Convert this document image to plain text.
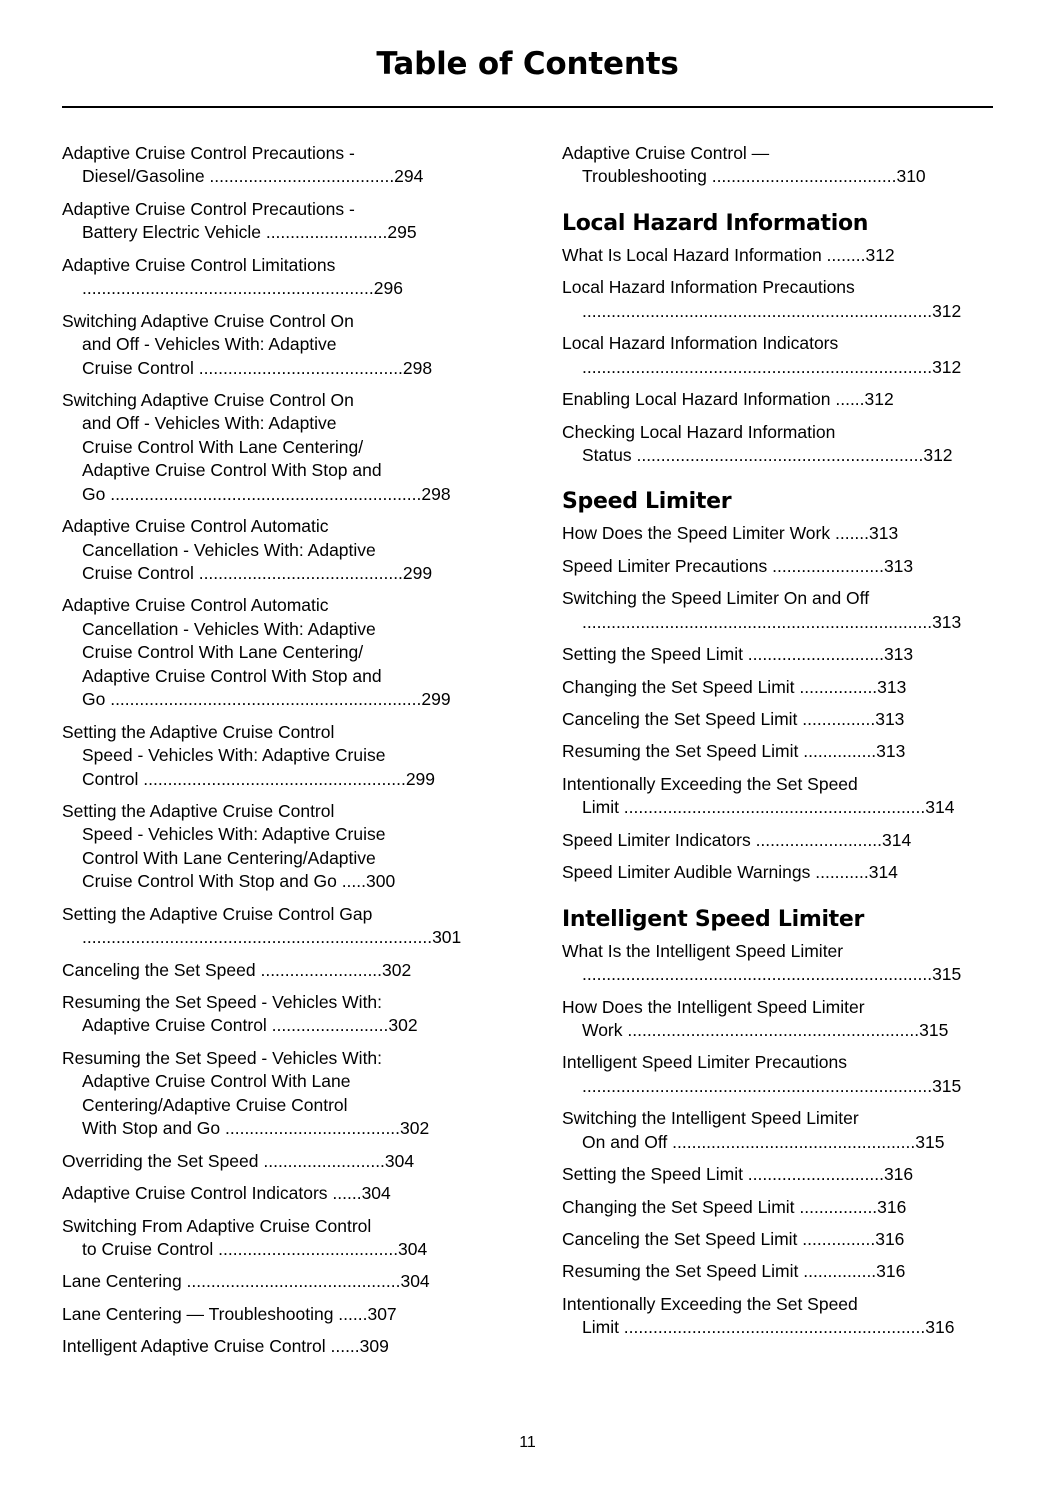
Table of Contents
Adaptive Cruise Control Precautions -
Diesel/Gasoline ......................................294
Adaptive Cruise Control Precautions -
Battery Electric Vehicle .........................295
Adaptive Cruise Control Limitations
............................................................296
Switching Adaptive Cruise Control On
and Off - Vehicles With: Adaptive
Cruise Control ..........................................298
Switching Adaptive Cruise Control On
and Off - Vehicles With: Adaptive
Cruise Control With Lane Centering/
Adaptive Cruise Control With Stop and
Go ................................................................298
Adaptive Cruise Control Automatic
Cancellation - Vehicles With: Adaptive
Cruise Control ..........................................299
Adaptive Cruise Control Automatic
Cancellation - Vehicles With: Adaptive
Cruise Control With Lane Centering/
Adaptive Cruise Control With Stop and
Go ................................................................299
Setting the Adaptive Cruise Control
Speed - Vehicles With: Adaptive Cruise
Control ......................................................299
Setting the Adaptive Cruise Control
Speed - Vehicles With: Adaptive Cruise
Control With Lane Centering/Adaptive
Cruise Control With Stop and Go .....300
Setting the Adaptive Cruise Control Gap
........................................................................301
Canceling the Set Speed .........................302
Resuming the Set Speed - Vehicles With:
Adaptive Cruise Control ........................302
Resuming the Set Speed - Vehicles With:
Adaptive Cruise Control With Lane
Centering/Adaptive Cruise Control
With Stop and Go ....................................302
Overriding the Set Speed .........................304
Adaptive Cruise Control Indicators ......304
Switching From Adaptive Cruise Control
to Cruise Control .....................................304
Lane Centering ............................................304
Lane Centering — Troubleshooting ......307
Intelligent Adaptive Cruise Control ......309
Adaptive Cruise Control —
Troubleshooting ......................................310
Local Hazard Information
What Is Local Hazard Information ........312
Local Hazard Information Precautions
........................................................................312
Local Hazard Information Indicators
........................................................................312
Enabling Local Hazard Information ......312
Checking Local Hazard Information
Status ...........................................................312
Speed Limiter
How Does the Speed Limiter Work .......313
Speed Limiter Precautions .......................313
Switching the Speed Limiter On and Off
........................................................................313
Setting the Speed Limit ............................313
Changing the Set Speed Limit ................313
Canceling the Set Speed Limit ...............313
Resuming the Set Speed Limit ...............313
Intentionally Exceeding the Set Speed
Limit ..............................................................314
Speed Limiter Indicators ..........................314
Speed Limiter Audible Warnings ...........314
Intelligent Speed Limiter
What Is the Intelligent Speed Limiter
........................................................................315
How Does the Intelligent Speed Limiter
Work ............................................................315
Intelligent Speed Limiter Precautions
........................................................................315
Switching the Intelligent Speed Limiter
On and Off ..................................................315
Setting the Speed Limit ............................316
Changing the Set Speed Limit ................316
Canceling the Set Speed Limit ...............316
Resuming the Set Speed Limit ...............316
Intentionally Exceeding the Set Speed
Limit ..............................................................316
11
